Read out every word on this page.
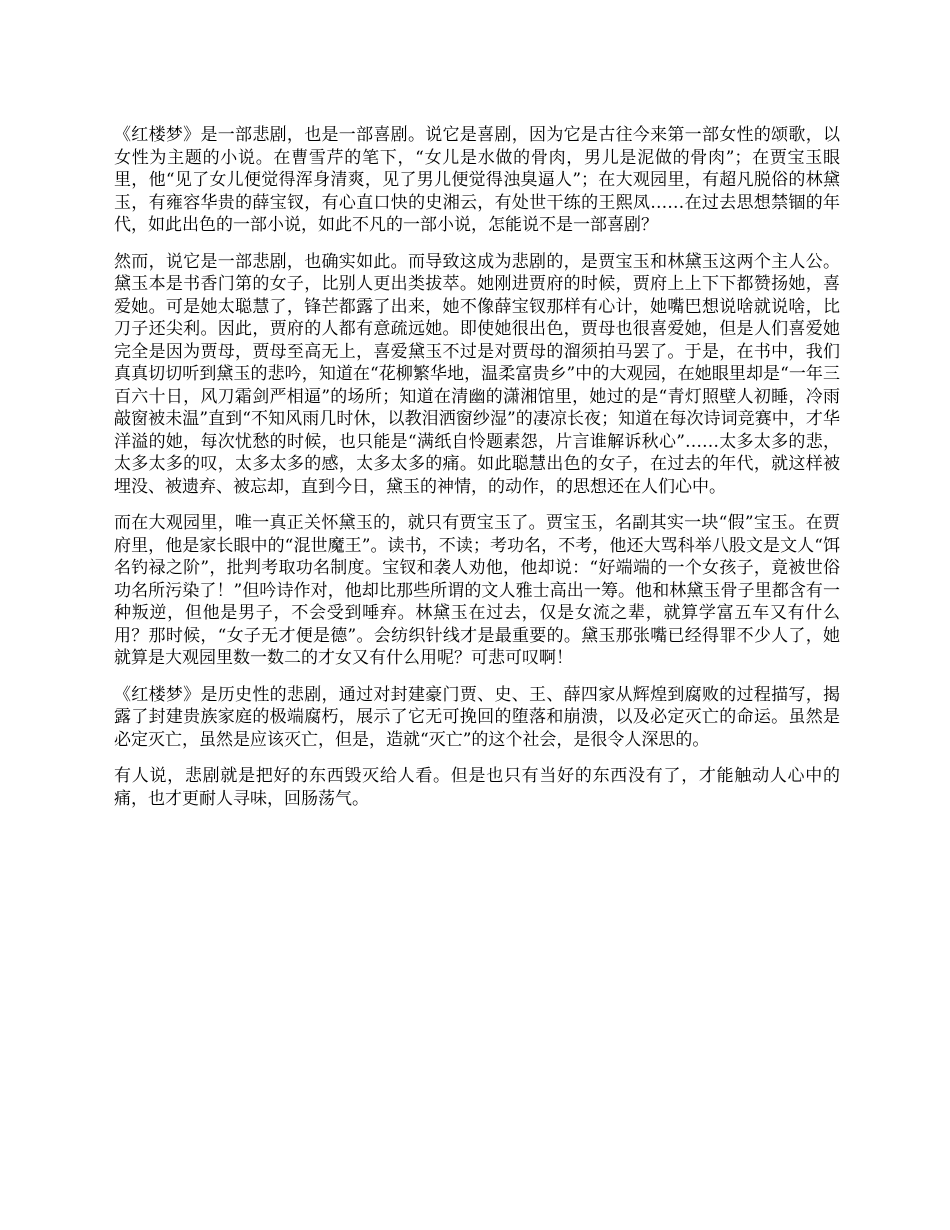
《红楼梦》是一部悲剧，也是一部喜剧。说它是喜剧，因为它是古往今来第一部女性的颂歌，以女性为主题的小说。在曹雪芹的笔下，“女儿是水做的骨肉，男儿是泥做的骨肉”；在贾宝玉眼里，他“见了女儿便觉得浑身清爽，见了男儿便觉得浊臭逼人”；在大观园里，有超凡脱俗的林黛玉，有雍容华贵的薛宝钗，有心直口快的史湘云，有处世干练的王熙凤……在过去思想禁锢的年代，如此出色的一部小说，如此不凡的一部小说，怎能说不是一部喜剧？

然而，说它是一部悲剧，也确实如此。而导致这成为悲剧的，是贾宝玉和林黛玉这两个主人公。黛玉本是书香门第的女子，比别人更出类拔萃。她刚进贾府的时候，贾府上上下下都赞扬她，喜爱她。可是她太聪慧了，锋芒都露了出来，她不像薛宝钗那样有心计，她嘴巴想说啥就说啥，比刀子还尖利。因此，贾府的人都有意疏远她。即使她很出色，贾母也很喜爱她，但是人们喜爱她完全是因为贾母，贾母至高无上，喜爱黛玉不过是对贾母的溜须拍马罢了。于是，在书中，我们真真切切听到黛玉的悲吟，知道在“花柳繁华地，温柔富贵乡”中的大观园，在她眼里却是“一年三百六十日，风刀霜剑严相逼”的场所；知道在清幽的潇湘馆里，她过的是“青灯照壁人初睡，冷雨敲窗被未温”直到“不知风雨几时休，以教泪洒窗纱湿”的凄凉长夜；知道在每次诗词竞赛中，才华洋溢的她，每次忧愁的时候，也只能是“满纸自怜题素怨，片言谁解诉秋心”……太多太多的悲，太多太多的叹，太多太多的感，太多太多的痛。如此聪慧出色的女子，在过去的年代，就这样被埋没、被遗弃、被忘却，直到今日，黛玉的神情，的动作，的思想还在人们心中。

而在大观园里，唯一真正关怀黛玉的，就只有贾宝玉了。贾宝玉，名副其实一块“假”宝玉。在贾府里，他是家长眼中的“混世魔王”。读书，不读；考功名，不考，他还大骂科举八股文是文人“饵名钓禄之阶”，批判考取功名制度。宝钗和袭人劝他，他却说：“好端端的一个女孩子，竟被世俗功名所污染了！”但吟诗作对，他却比那些所谓的文人雅士高出一筹。他和林黛玉骨子里都含有一种叛逆，但他是男子，不会受到唾弃。林黛玉在过去，仅是女流之辈，就算学富五车又有什么用？那时候，“女子无才便是德”。会纺织针线才是最重要的。黛玉那张嘴已经得罪不少人了，她就算是大观园里数一数二的才女又有什么用呢？可悲可叹啊！

《红楼梦》是历史性的悲剧，通过对封建豪门贾、史、王、薛四家从辉煌到腐败的过程描写，揭露了封建贵族家庭的极端腐朽，展示了它无可挽回的堕落和崩溃，以及必定灭亡的命运。虽然是必定灭亡，虽然是应该灭亡，但是，造就“灭亡”的这个社会，是很令人深思的。

有人说，悲剧就是把好的东西毁灭给人看。但是也只有当好的东西没有了，才能触动人心中的痛，也才更耐人寻味，回肠荡气。
